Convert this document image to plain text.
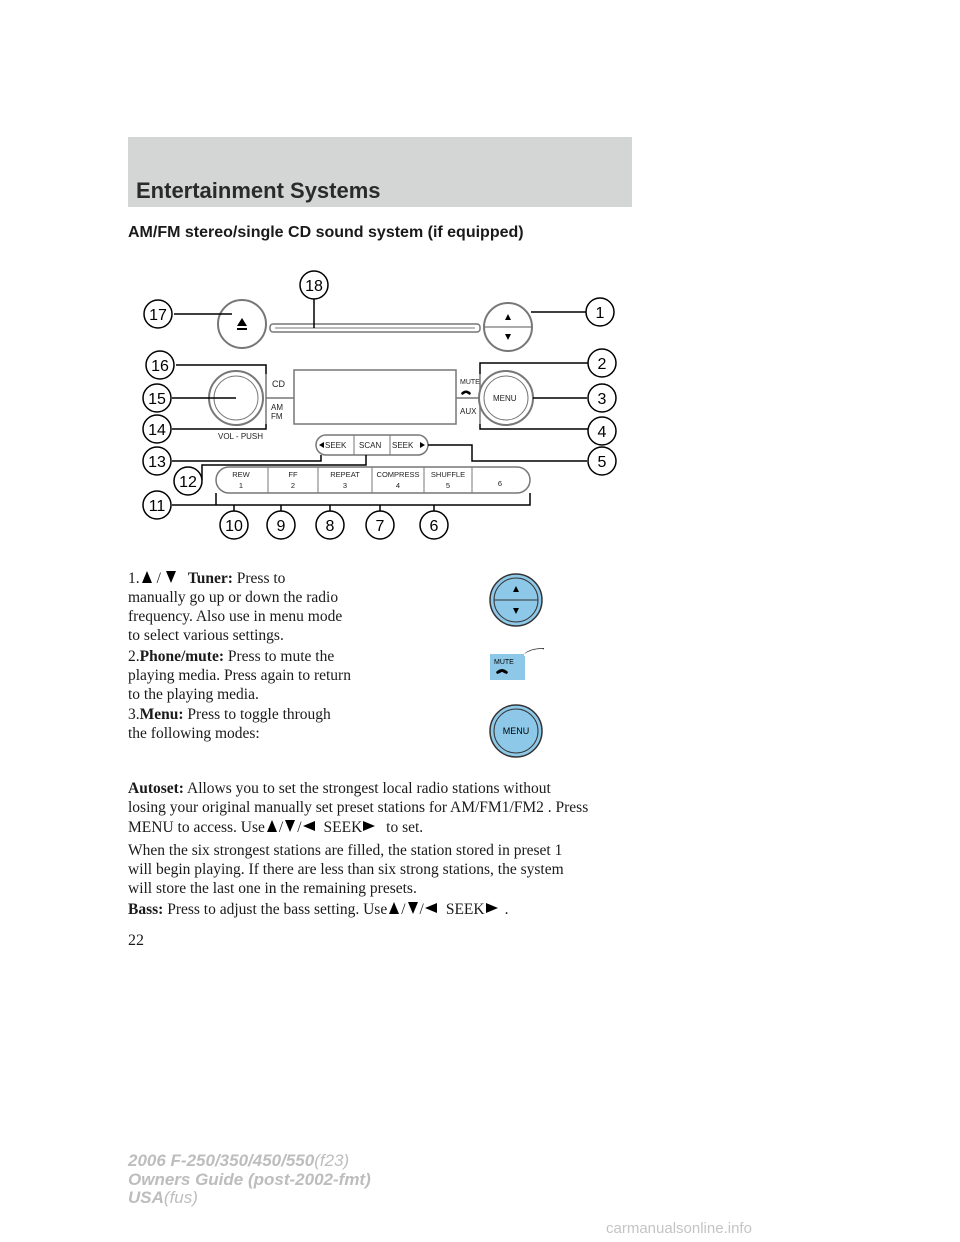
Entertainment Systems
AM/FM stereo/single CD sound system (if equipped)
CD
AM
FM
MUTE
AUX
MENU
VOL - PUSH
SEEK SCAN SEEK
REW
1
FF
2
REPEAT
3
COMPRESS
4
SHUFFLE
5	6
18
17	1
16	2
15	3
14	4
13	5
12
11
10 9	8	7	6
1. / Tuner: Press to
manually go up or down the radio
frequency. Also use in menu mode
to select various settings.
2.Phone/mute: Press to mute the
playing media. Press again to return
to the playing media.
3.Menu: Press to toggle through
the following modes:
MUTE
MENU
Autoset: Allows you to set the strongest local radio stations without
losing your original manually set preset stations for AM/FM1/FM2 . Press
MENU to access. Use / / SEEK to set.
When the six strongest stations are filled, the station stored in preset 1
will begin playing. If there are less than six strong stations, the system
will store the last one in the remaining presets.
Bass: Press to adjust the bass setting. Use / / SEEK .
22
2006 F-250/350/450/550(f23)
Owners Guide (post-2002-fmt)
USA(fus)
carmanualsonline.info
